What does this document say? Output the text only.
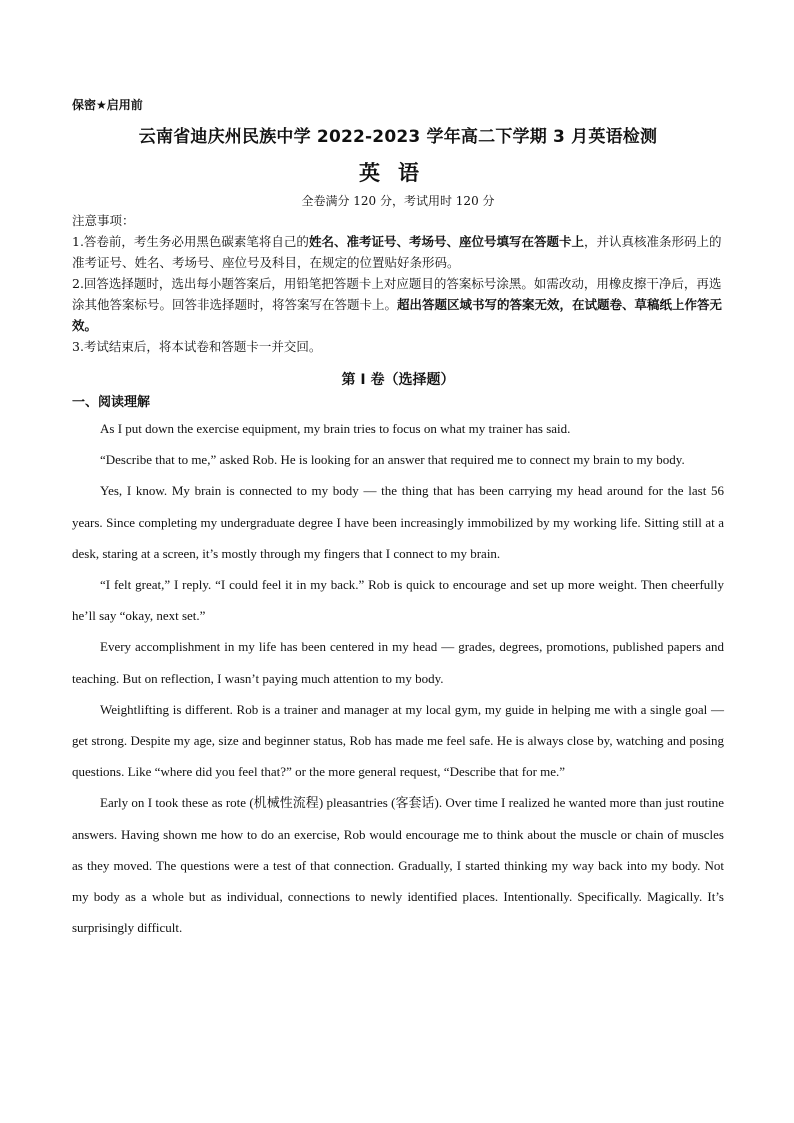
保密★启用前
云南省迪庆州民族中学 2022-2023 学年高二下学期 3 月英语检测
英语
全卷满分 120 分，考试用时 120 分
注意事项：
1.答卷前，考生务必用黑色碳素笔将自己的姓名、准考证号、考场号、座位号填写在答题卡上，并认真核准条形码上的准考证号、姓名、考场号、座位号及科目，在规定的位置贴好条形码。
2.回答选择题时，选出每小题答案后，用铅笔把答题卡上对应题目的答案标号涂黑。如需改动，用橡皮擦干净后，再选涂其他答案标号。回答非选择题时，将答案写在答题卡上。超出答题区域书写的答案无效，在试题卷、草稿纸上作答无效。
3.考试结束后，将本试卷和答题卡一并交回。
第 I 卷（选择题）
一、阅读理解

As I put down the exercise equipment, my brain tries to focus on what my trainer has said.

“Describe that to me,” asked Rob. He is looking for an answer that required me to connect my brain to my body.

Yes, I know. My brain is connected to my body — the thing that has been carrying my head around for the last 56 years. Since completing my undergraduate degree I have been increasingly immobilized by my working life. Sitting still at a desk, staring at a screen, it’s mostly through my fingers that I connect to my brain.

“I felt great,” I reply. “I could feel it in my back.” Rob is quick to encourage and set up more weight. Then cheerfully he’ll say “okay, next set.”

Every accomplishment in my life has been centered in my head — grades, degrees, promotions, published papers and teaching. But on reflection, I wasn’t paying much attention to my body.

Weightlifting is different. Rob is a trainer and manager at my local gym, my guide in helping me with a single goal — get strong. Despite my age, size and beginner status, Rob has made me feel safe. He is always close by, watching and posing questions. Like “where did you feel that?” or the more general request, “Describe that for me.”

Early on I took these as rote (机械性流程) pleasantries (客套话). Over time I realized he wanted more than just routine answers. Having shown me how to do an exercise, Rob would encourage me to think about the muscle or chain of muscles as they moved. The questions were a test of that connection. Gradually, I started thinking my way back into my body. Not my body as a whole but as individual, connections to newly identified places. Intentionally. Specifically. Magically. It’s surprisingly difficult.
